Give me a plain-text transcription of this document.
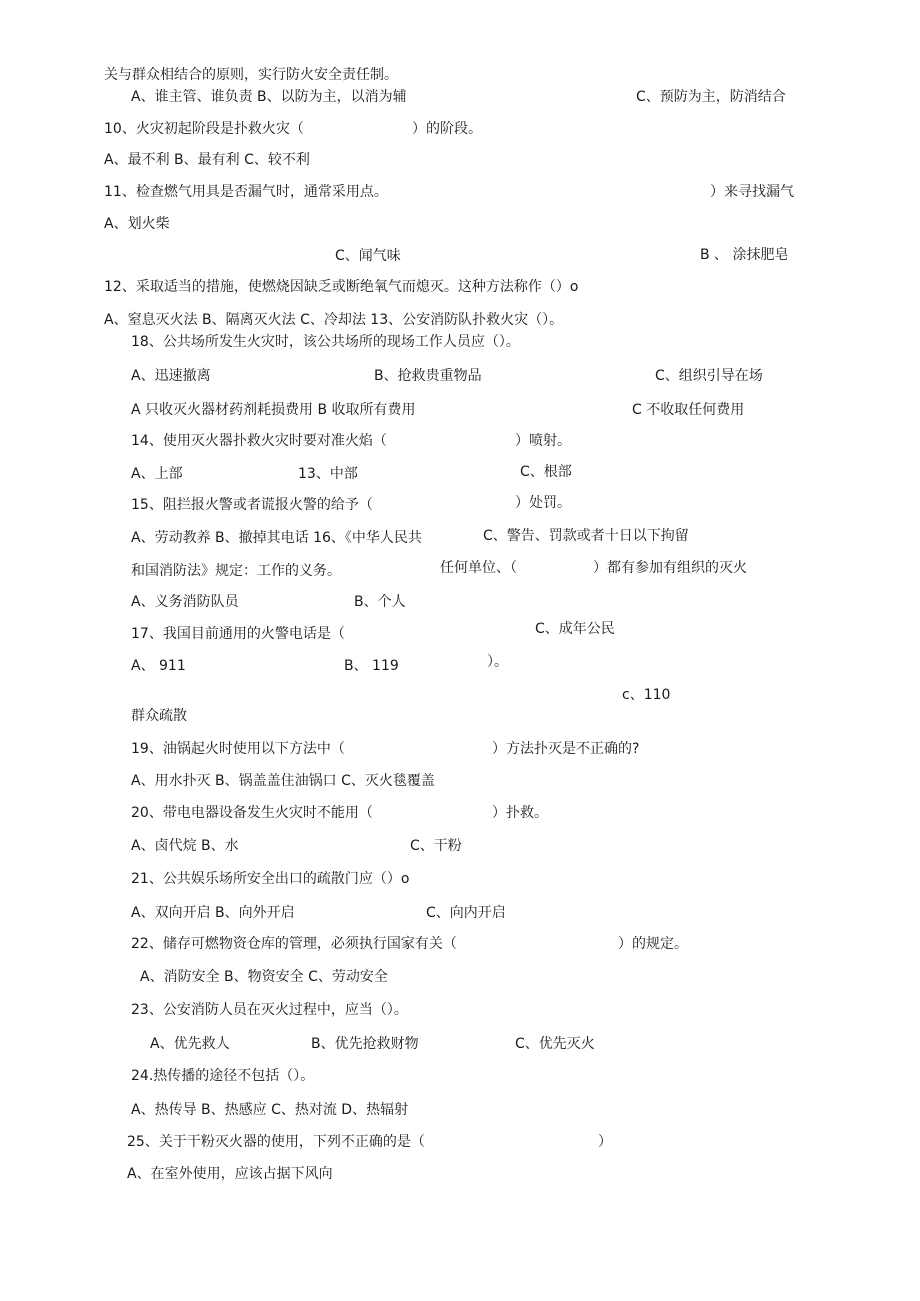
关与群众相结合的原则，实行防火安全责任制。
A、谁主管、谁负责 B、以防为主，以消为辅	C、预防为主，防消结合
10、火灾初起阶段是扑救火灾（	）的阶段。
A、最不利 B、最有利 C、较不利
11、检查燃气用具是否漏气时，通常采用点。	）来寻找漏气
A、划火柴
C、闻气味	B 、 涂抹肥皂
12、采取适当的措施，使燃烧因缺乏或断绝氧气而熄灭。这种方法称作（）o
A、窒息灭火法 B、隔离灭火法 C、冷却法 13、公安消防队扑救火灾（）。
18、公共场所发生火灾时，该公共场所的现场工作人员应（）。
A、迅速撤离	B、抢救贵重物品	C、组织引导在场
A 只收灭火器材药剂耗损费用 B 收取所有费用	C 不收取任何费用
14、使用灭火器扑救火灾时要对准火焰（	）喷射。
A、上部	13、中部	C、根部
15、阻拦报火警或者谎报火警的给予（	）处罚。
A、劳动教养 B、撤掉其电话 16、《中华人民共	C、警告、罚款或者十日以下拘留
和国消防法》规定：工作的义务。	任何单位、（	）都有参加有组织的灭火
A、义务消防队员	B、个人
17、我国目前通用的火警电话是（	C、成年公民
A、 911	B、 119	）。
c、110
群众疏散
19、油锅起火时使用以下方法中（	）方法扑灭是不正确的?
A、用水扑灭 B、锅盖盖住油锅口 C、灭火毯覆盖
20、带电电器设备发生火灾时不能用（	）扑救。
A、卤代烷 B、水	C、干粉
21、公共娱乐场所安全出口的疏散门应（）o
A、双向开启 B、向外开启	C、向内开启
22、储存可燃物资仓库的管理，必须执行国家有关（	）的规定。
A、消防安全 B、物资安全 C、劳动安全
23、公安消防人员在灭火过程中，应当（）。
A、优先救人	B、优先抢救财物	C、优先灭火
24.热传播的途径不包括（）。
A、热传导 B、热感应 C、热对流 D、热辐射
25、关于干粉灭火器的使用，下列不正确的是（	）
A、在室外使用，应该占据下风向
